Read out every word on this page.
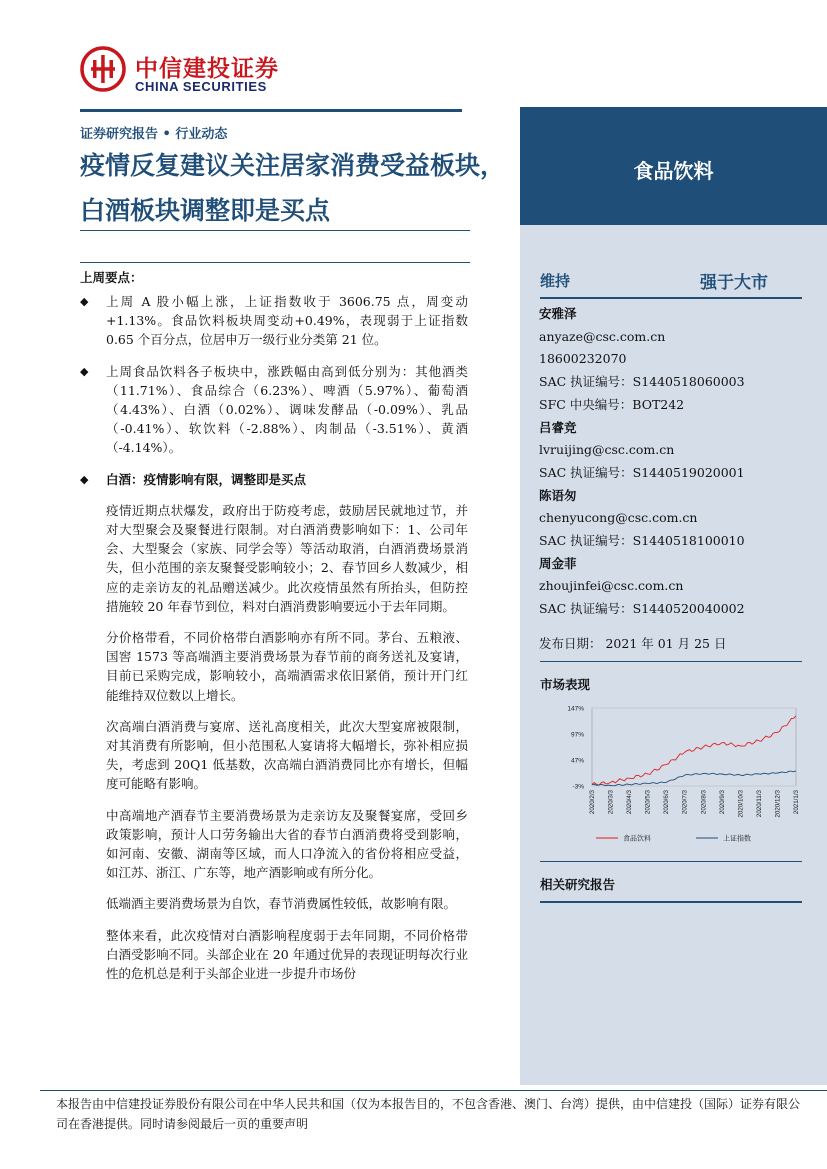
中信建投证券
CHINA SECURITIES
证券研究报告 • 行业动态
疫情反复建议关注居家消费受益板块，白酒板块调整即是买点
食品饮料
上周要点：
◆ 上周 A 股小幅上涨，上证指数收于 3606.75 点，周变动+1.13%。食品饮料板块周变动+0.49%，表现弱于上证指数 0.65 个百分点，位居申万一级行业分类第 21 位。
◆ 上周食品饮料各子板块中，涨跌幅由高到低分别为：其他酒类（11.71%）、食品综合（6.23%）、啤酒（5.97%）、葡萄酒（4.43%）、白酒（0.02%）、调味发酵品（-0.09%）、乳品（-0.41%）、软饮料（-2.88%）、肉制品（-3.51%）、黄酒（-4.14%）。
◆ 白酒：疫情影响有限，调整即是买点

疫情近期点状爆发，政府出于防疫考虑，鼓励居民就地过节，并对大型聚会及聚餐进行限制。对白酒消费影响如下：1、公司年会、大型聚会（家族、同学会等）等活动取消，白酒消费场景消失，但小范围的亲友聚餐受影响较小；2、春节回乡人数减少，相应的走亲访友的礼品赠送减少。此次疫情虽然有所抬头，但防控措施较 20 年春节到位，料对白酒消费影响要远小于去年同期。

分价格带看，不同价格带白酒影响亦有所不同。茅台、五粮液、国窖 1573 等高端酒主要消费场景为春节前的商务送礼及宴请，目前已采购完成，影响较小，高端酒需求依旧紧俏，预计开门红能维持双位数以上增长。

次高端白酒消费与宴席、送礼高度相关，此次大型宴席被限制，对其消费有所影响，但小范围私人宴请将大幅增长，弥补相应损失，考虑到 20Q1 低基数，次高端白酒消费同比亦有增长，但幅度可能略有影响。

中高端地产酒春节主要消费场景为走亲访友及聚餐宴席，受回乡政策影响，预计人口劳务输出大省的春节白酒消费将受到影响，如河南、安徽、湖南等区域，而人口净流入的省份将相应受益，如江苏、浙江、广东等，地产酒影响或有所分化。

低端酒主要消费场景为自饮，春节消费属性较低，故影响有限。

整体来看，此次疫情对白酒影响程度弱于去年同期，不同价格带白酒受影响不同。头部企业在 20 年通过优异的表现证明每次行业性的危机总是利于头部企业进一步提升市场份

维持	强于大市
安雅泽
anyaze@csc.com.cn
18600232070
SAC 执证编号：S1440518060003
SFC 中央编号：BOT242
吕睿竞
lvruijing@csc.com.cn
SAC 执证编号：S1440519020001
陈语匆
chenyucong@csc.com.cn
SAC 执证编号：S1440518100010
周金菲
zhoujinfei@csc.com.cn
SAC 执证编号：S1440520040002
发布日期： 2021 年 01 月 25 日
市场表现
147%
97%
47%
-3%
2020/2/3 2020/3/3 2020/4/3 2020/5/3 2020/6/3 2020/7/3 2020/8/3 2020/9/3 2020/10/3 2020/11/3 2020/12/3 2021/1/3
食品饮料	上证指数
相关研究报告
本报告由中信建投证券股份有限公司在中华人民共和国（仅为本报告目的，不包含香港、澳门、台湾）提供，由中信建投（国际）证券有限公司在香港提供。同时请参阅最后一页的重要声明
